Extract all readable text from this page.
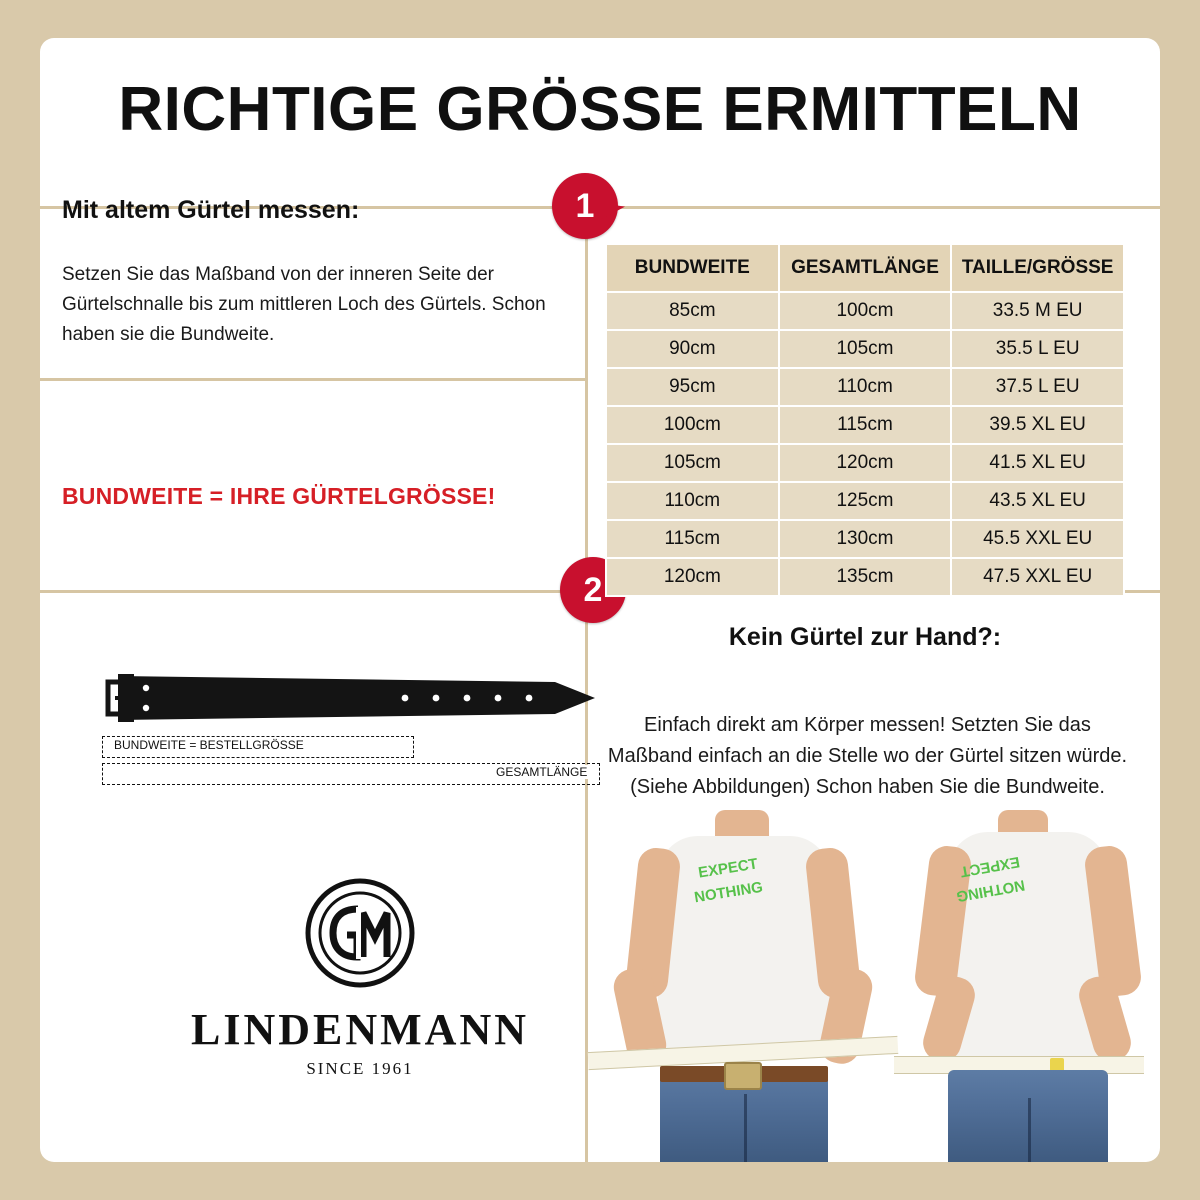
RICHTIGE GRÖSSE ERMITTELN
1
2
Mit altem Gürtel messen:
Setzen Sie das Maßband von der inneren Seite der Gürtelschnalle bis zum mittleren Loch des Gürtels. Schon haben sie die Bundweite.
BUNDWEITE = IHRE GÜRTELGRÖSSE!
BUNDWEITE	GESAMTLÄNGE	TAILLE/GRÖSSE
85cm	100cm	33.5 M EU
90cm	105cm	35.5 L EU
95cm	110cm	37.5 L EU
100cm	115cm	39.5 XL EU
105cm	120cm	41.5 XL EU
110cm	125cm	43.5 XL EU
115cm	130cm	45.5 XXL EU
120cm	135cm	47.5 XXL EU
BUNDWEITE = BESTELLGRÖSSE
GESAMTLÄNGE
LINDENMANN
SINCE 1961
Kein Gürtel zur Hand?:
Einfach direkt am Körper messen! Setzten Sie das Maßband einfach an die Stelle wo der Gürtel sitzen würde.(Siehe Abbildungen) Schon haben Sie die Bundweite.
EXPECT
NOTHING
EXPECT
NOTHING
